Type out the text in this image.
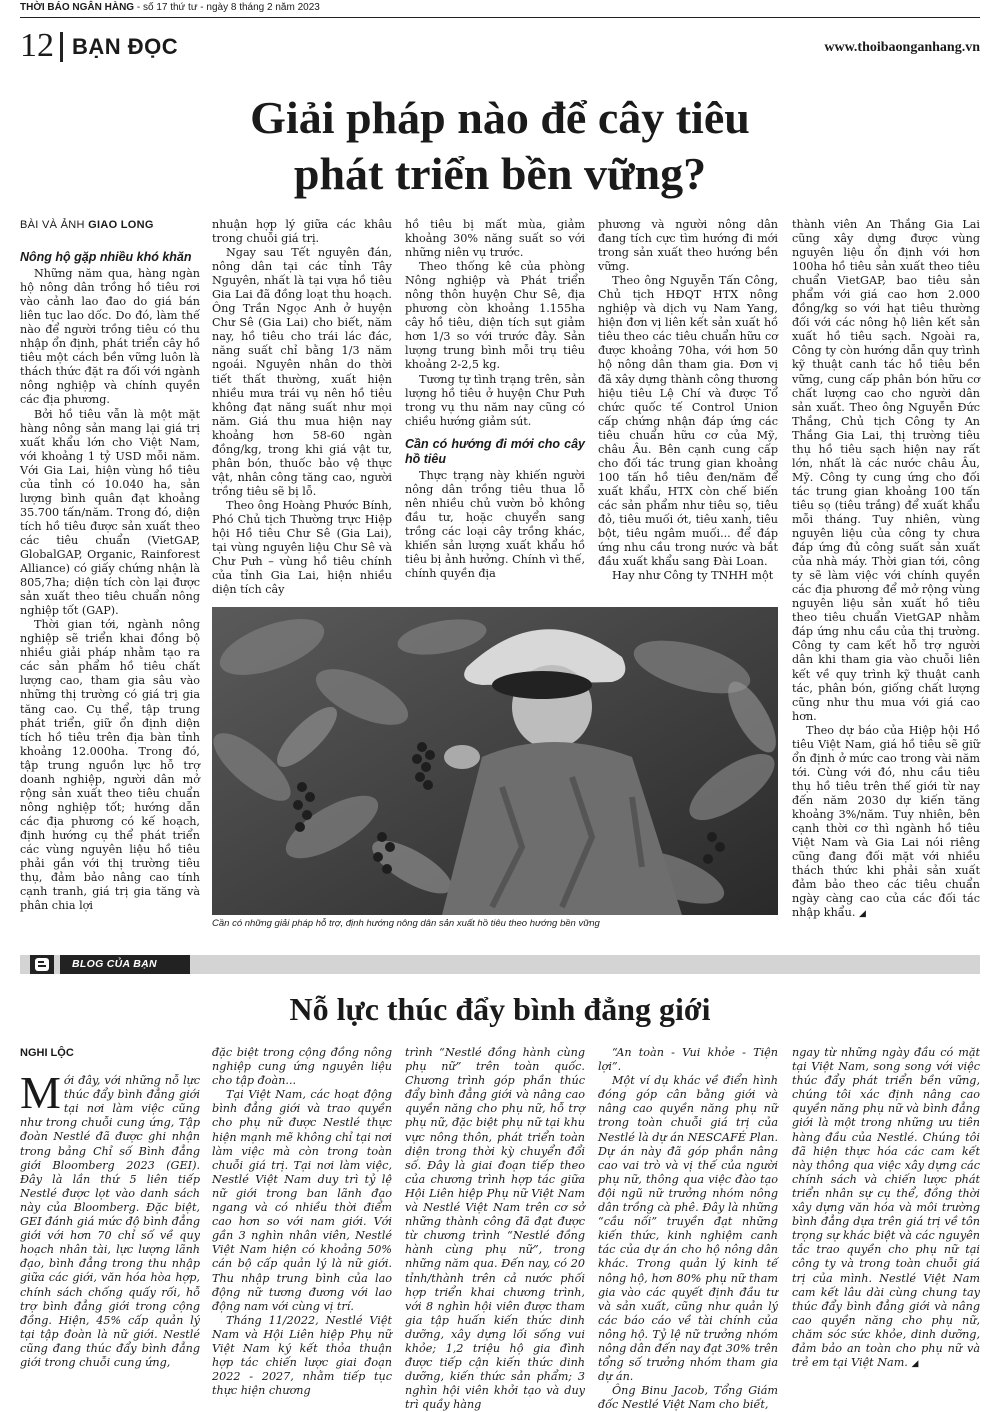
THỜI BÁO NGÂN HÀNG - số 17 thứ tư - ngày 8 tháng 2 năm 2023
12 BẠN ĐỌC	www.thoibaonganhang.vn
Giải pháp nào để cây tiêu
phát triển bền vững?
BÀI VÀ ẢNH GIAO LONG
Nông hộ gặp nhiều khó khăn

Những năm qua, hàng ngàn hộ nông dân trồng hồ tiêu rơi vào cảnh lao đao do giá bán liên tục lao dốc. Do đó, làm thế nào để người trồng tiêu có thu nhập ổn định, phát triển cây hồ tiêu một cách bền vững luôn là thách thức đặt ra đối với ngành nông nghiệp và chính quyền các địa phương.

Bởi hồ tiêu vẫn là một mặt hàng nông sản mang lại giá trị xuất khẩu lớn cho Việt Nam, với khoảng 1 tỷ USD mỗi năm. Với Gia Lai, hiện vùng hồ tiêu của tỉnh có 10.040 ha, sản lượng bình quân đạt khoảng 35.700 tấn/năm. Trong đó, diện tích hồ tiêu được sản xuất theo các tiêu chuẩn (VietGAP, GlobalGAP, Organic, Rainforest Alliance) có giấy chứng nhận là 805,7ha; diện tích còn lại được sản xuất theo tiêu chuẩn nông nghiệp tốt (GAP).

Thời gian tới, ngành nông nghiệp sẽ triển khai đồng bộ nhiều giải pháp nhằm tạo ra các sản phẩm hồ tiêu chất lượng cao, tham gia sâu vào những thị trường có giá trị gia tăng cao. Cụ thể, tập trung phát triển, giữ ổn định diện tích hồ tiêu trên địa bàn tỉnh khoảng 12.000ha. Trong đó, tập trung nguồn lực hỗ trợ doanh nghiệp, người dân mở rộng sản xuất theo tiêu chuẩn nông nghiệp tốt; hướng dẫn các địa phương có kế hoạch, định hướng cụ thể phát triển các vùng nguyên liệu hồ tiêu phải gắn với thị trường tiêu thụ, đảm bảo nâng cao tính cạnh tranh, giá trị gia tăng và phân chia lợi

nhuận hợp lý giữa các khâu trong chuỗi giá trị.

Ngay sau Tết nguyên đán, nông dân tại các tỉnh Tây Nguyên, nhất là tại vựa hồ tiêu Gia Lai đã đồng loạt thu hoạch. Ông Trần Ngọc Anh ở huyện Chư Sê (Gia Lai) cho biết, năm nay, hồ tiêu cho trái lác đác, năng suất chỉ bằng 1/3 năm ngoái. Nguyên nhân do thời tiết thất thường, xuất hiện nhiều mưa trái vụ nên hồ tiêu không đạt năng suất như mọi năm. Giá thu mua hiện nay khoảng hơn 58-60 ngàn đồng/kg, trong khi giá vật tư, phân bón, thuốc bảo vệ thực vật, nhân công tăng cao, người trồng tiêu sẽ bị lỗ.

Theo ông Hoàng Phước Bính, Phó Chủ tịch Thường trực Hiệp hội Hồ tiêu Chư Sê (Gia Lai), tại vùng nguyên liệu Chư Sê và Chư Pưh – vùng hồ tiêu chính của tỉnh Gia Lai, hiện nhiều diện tích cây

hồ tiêu bị mất mùa, giảm khoảng 30% năng suất so với những niên vụ trước.

Theo thống kê của phòng Nông nghiệp và Phát triển nông thôn huyện Chư Sê, địa phương còn khoảng 1.155ha cây hồ tiêu, diện tích sụt giảm hơn 1/3 so với trước đây. Sản lượng trung bình mỗi trụ tiêu khoảng 2-2,5 kg.

Tương tự tình trạng trên, sản lượng hồ tiêu ở huyện Chư Pưh trong vụ thu năm nay cũng có chiều hướng giảm sút.

Cần có hướng đi mới cho cây hồ tiêu

Thực trạng này khiến người nông dân trồng tiêu thua lỗ nên nhiều chủ vườn bỏ không đầu tư, hoặc chuyển sang trồng các loại cây trồng khác, khiến sản lượng xuất khẩu hồ tiêu bị ảnh hưởng. Chính vì thế, chính quyền địa

phương và người nông dân đang tích cực tìm hướng đi mới trong sản xuất theo hướng bền vững.

Theo ông Nguyễn Tấn Công, Chủ tịch HĐQT HTX nông nghiệp và dịch vụ Nam Yang, hiện đơn vị liên kết sản xuất hồ tiêu theo các tiêu chuẩn hữu cơ được khoảng 70ha, với hơn 50 hộ nông dân tham gia. Đơn vị đã xây dựng thành công thương hiệu tiêu Lệ Chí và được Tổ chức quốc tế Control Union cấp chứng nhận đáp ứng các tiêu chuẩn hữu cơ của Mỹ, châu Âu. Bên cạnh cung cấp cho đối tác trung gian khoảng 100 tấn hồ tiêu đen/năm để xuất khẩu, HTX còn chế biến các sản phẩm như tiêu sọ, tiêu đỏ, tiêu muối ớt, tiêu xanh, tiêu bột, tiêu ngâm muối... để đáp ứng nhu cầu trong nước và bắt đầu xuất khẩu sang Đài Loan.

Hay như Công ty TNHH một

thành viên An Thắng Gia Lai cũng xây dựng được vùng nguyên liệu ổn định với hơn 100ha hồ tiêu sản xuất theo tiêu chuẩn VietGAP, bao tiêu sản phẩm với giá cao hơn 2.000 đồng/kg so với hạt tiêu thường đối với các nông hộ liên kết sản xuất hồ tiêu sạch. Ngoài ra, Công ty còn hướng dẫn quy trình kỹ thuật canh tác hồ tiêu bền vững, cung cấp phân bón hữu cơ chất lượng cao cho người dân sản xuất. Theo ông Nguyễn Đức Thắng, Chủ tịch Công ty An Thắng Gia Lai, thị trường tiêu thụ hồ tiêu sạch hiện nay rất lớn, nhất là các nước châu Âu, Mỹ. Công ty cung ứng cho đối tác trung gian khoảng 100 tấn tiêu sọ (tiêu trắng) để xuất khẩu mỗi tháng. Tuy nhiên, vùng nguyên liệu của công ty chưa đáp ứng đủ công suất sản xuất của nhà máy. Thời gian tới, công ty sẽ làm việc với chính quyền các địa phương để mở rộng vùng nguyên liệu sản xuất hồ tiêu theo tiêu chuẩn VietGAP nhằm đáp ứng nhu cầu của thị trường. Công ty cam kết hỗ trợ người dân khi tham gia vào chuỗi liên kết về quy trình kỹ thuật canh tác, phân bón, giống chất lượng cũng như thu mua với giá cao hơn.

Theo dự báo của Hiệp hội Hồ tiêu Việt Nam, giá hồ tiêu sẽ giữ ổn định ở mức cao trong vài năm tới. Cùng với đó, nhu cầu tiêu thụ hồ tiêu trên thế giới từ nay đến năm 2030 dự kiến tăng khoảng 3%/năm. Tuy nhiên, bên cạnh thời cơ thì ngành hồ tiêu Việt Nam và Gia Lai nói riêng cũng đang đối mặt với nhiều thách thức khi phải sản xuất đảm bảo theo các tiêu chuẩn ngày càng cao của các đối tác nhập khẩu. ◢

Cần có những giải pháp hỗ trợ, định hướng nông dân sản xuất hồ tiêu theo hướng bền vững
BLOG CỦA BẠN
Nỗ lực thúc đẩy bình đẳng giới
NGHI LỘC

Mới đây, với những nỗ lực thúc đẩy bình đẳng giới tại nơi làm việc cũng như trong chuỗi cung ứng, Tập đoàn Nestlé đã được ghi nhận trong bảng Chỉ số Bình đẳng giới Bloomberg 2023 (GEI). Đây là lần thứ 5 liên tiếp Nestlé được lọt vào danh sách này của Bloomberg. Đặc biệt, GEI đánh giá mức độ bình đẳng giới với hơn 70 chỉ số về quy hoạch nhân tài, lực lượng lãnh đạo, bình đẳng trong thu nhập giữa các giới, văn hóa hòa hợp, chính sách chống quấy rối, hỗ trợ bình đẳng giới trong cộng đồng. Hiện, 45% cấp quản lý tại tập đoàn là nữ giới. Nestlé cũng đang thúc đẩy bình đẳng giới trong chuỗi cung ứng,

đặc biệt trong cộng đồng nông nghiệp cung ứng nguyên liệu cho tập đoàn...

Tại Việt Nam, các hoạt động bình đẳng giới và trao quyền cho phụ nữ được Nestlé thực hiện mạnh mẽ không chỉ tại nơi làm việc mà còn trong toàn chuỗi giá trị. Tại nơi làm việc, Nestlé Việt Nam duy trì tỷ lệ nữ giới trong ban lãnh đạo ngang và có nhiều thời điểm cao hơn so với nam giới. Với gần 3 nghìn nhân viên, Nestlé Việt Nam hiện có khoảng 50% cán bộ cấp quản lý là nữ giới. Thu nhập trung bình của lao động nữ tương đương với lao động nam với cùng vị trí.

Tháng 11/2022, Nestlé Việt Nam và Hội Liên hiệp Phụ nữ Việt Nam ký kết thỏa thuận hợp tác chiến lược giai đoạn 2022 - 2027, nhằm tiếp tục thực hiện chương

trình “Nestlé đồng hành cùng phụ nữ” trên toàn quốc. Chương trình góp phần thúc đẩy bình đẳng giới và nâng cao quyền năng cho phụ nữ, hỗ trợ phụ nữ, đặc biệt phụ nữ tại khu vực nông thôn, phát triển toàn diện trong thời kỳ chuyển đổi số. Đây là giai đoạn tiếp theo của chương trình hợp tác giữa Hội Liên hiệp Phụ nữ Việt Nam và Nestlé Việt Nam trên cơ sở những thành công đã đạt được từ chương trình “Nestlé đồng hành cùng phụ nữ”, trong những năm qua. Đến nay, có 20 tỉnh/thành trên cả nước phối hợp triển khai chương trình, với 8 nghìn hội viên được tham gia tập huấn kiến thức dinh dưỡng, xây dựng lối sống vui khỏe; 1,2 triệu hộ gia đình được tiếp cận kiến thức dinh dưỡng, kiến thức sản phẩm; 3 nghìn hội viên khởi tạo và duy trì quầy hàng

“An toàn - Vui khỏe - Tiện lợi”.

Một ví dụ khác về điển hình đóng góp cân bằng giới và nâng cao quyền năng phụ nữ trong toàn chuỗi giá trị của Nestlé là dự án NESCAFÉ Plan. Dự án này đã góp phần nâng cao vai trò và vị thế của người phụ nữ, thông qua việc đào tạo đội ngũ nữ trưởng nhóm nông dân trồng cà phê. Đây là những “cầu nối” truyền đạt những kiến thức, kinh nghiệm canh tác của dự án cho hộ nông dân khác. Trong quản lý kinh tế nông hộ, hơn 80% phụ nữ tham gia vào các quyết định đầu tư và sản xuất, cũng như quản lý các báo cáo về tài chính của nông hộ. Tỷ lệ nữ trưởng nhóm nông dân đến nay đạt 30% trên tổng số trưởng nhóm tham gia dự án.

Ông Binu Jacob, Tổng Giám đốc Nestlé Việt Nam cho biết,

ngay từ những ngày đầu có mặt tại Việt Nam, song song với việc thúc đẩy phát triển bền vững, chúng tôi xác định nâng cao quyền năng phụ nữ và bình đẳng giới là một trong những ưu tiên hàng đầu của Nestlé. Chúng tôi đã hiện thực hóa các cam kết này thông qua việc xây dựng các chính sách và chiến lược phát triển nhân sự cụ thể, đồng thời xây dựng văn hóa và môi trường bình đẳng dựa trên giá trị về tôn trọng sự khác biệt và các nguyên tắc trao quyền cho phụ nữ tại công ty và trong toàn chuỗi giá trị của mình. Nestlé Việt Nam cam kết lâu dài cùng chung tay thúc đẩy bình đẳng giới và nâng cao quyền năng cho phụ nữ, chăm sóc sức khỏe, dinh dưỡng, đảm bảo an toàn cho phụ nữ và trẻ em tại Việt Nam. ◢
